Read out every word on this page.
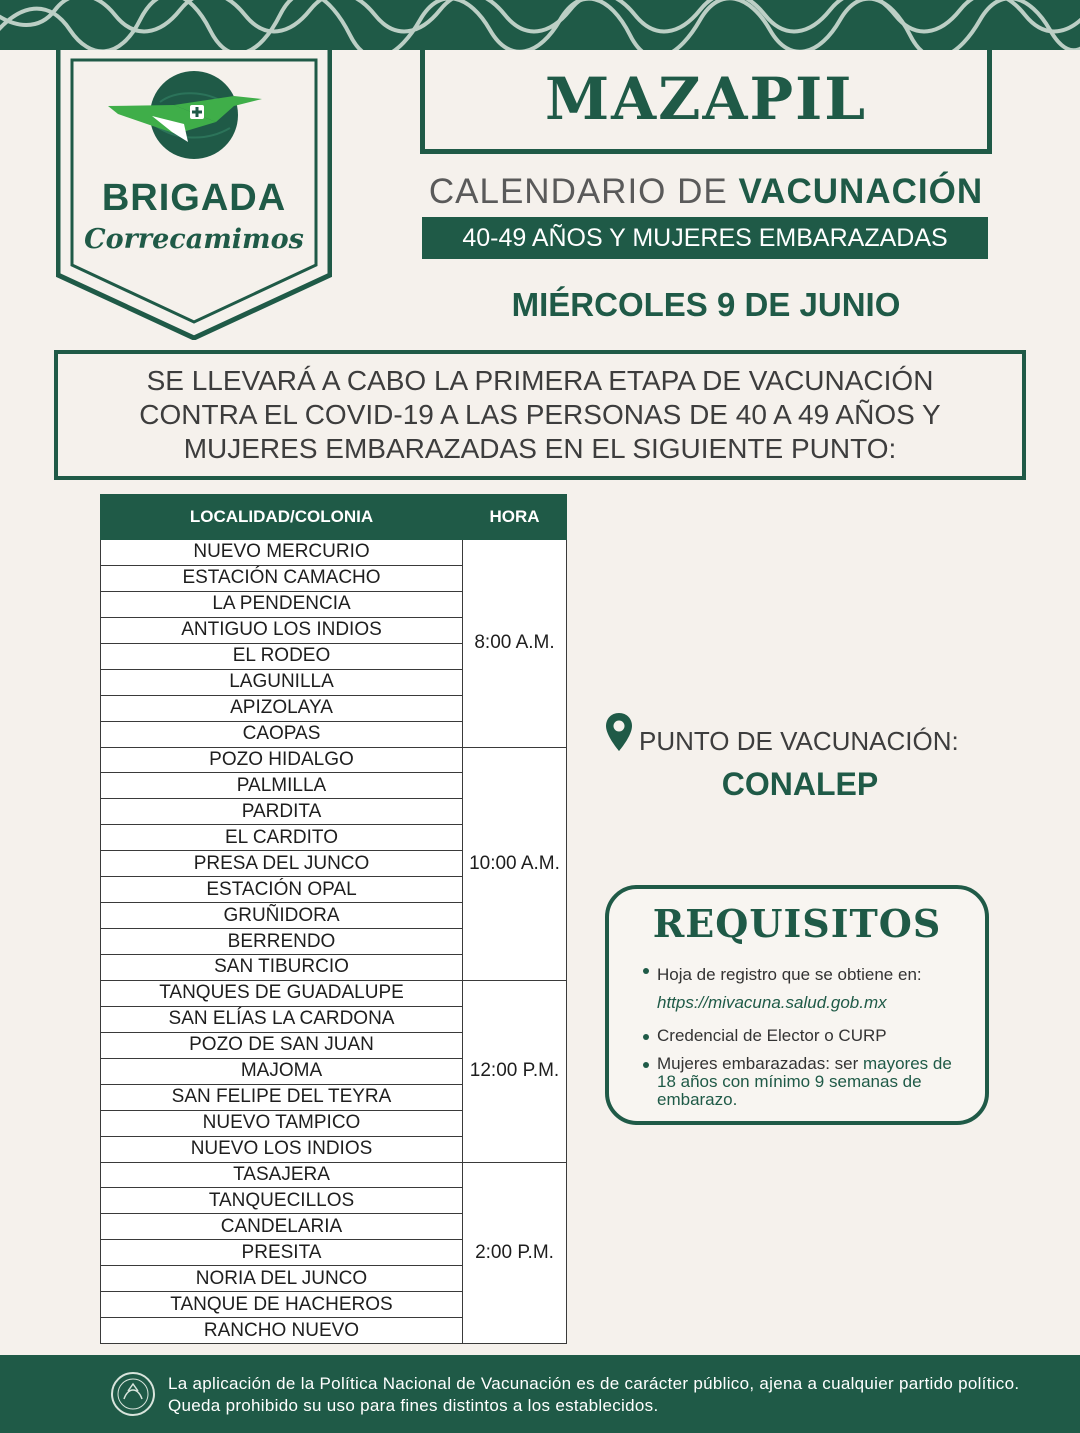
BRIGADA
Correcamimos
MAZAPIL
CALENDARIO DE VACUNACIÓN
40-49 AÑOS Y MUJERES EMBARAZADAS
MIÉRCOLES 9 DE JUNIO

SE LLEVARÁ A CABO LA PRIMERA ETAPA DE VACUNACIÓN CONTRA EL COVID-19 A LAS PERSONAS DE 40 A 49 AÑOS Y MUJERES EMBARAZADAS EN EL SIGUIENTE PUNTO:

LOCALIDAD/COLONIA	HORA
NUEVO MERCURIO	8:00 A.M.
ESTACIÓN CAMACHO	
LA PENDENCIA	
ANTIGUO LOS INDIOS	
EL RODEO	
LAGUNILLA	
APIZOLAYA	
CAOPAS	
POZO HIDALGO	10:00 A.M.
PALMILLA	
PARDITA	
EL CARDITO	
PRESA DEL JUNCO	
ESTACIÓN OPAL	
GRUÑIDORA	
BERRENDO	
SAN TIBURCIO	
TANQUES DE GUADALUPE	12:00 P.M.
SAN ELÍAS LA CARDONA	
POZO DE SAN JUAN	
MAJOMA	
SAN FELIPE DEL TEYRA	
NUEVO TAMPICO	
NUEVO LOS INDIOS	
TASAJERA	2:00 P.M.
TANQUECILLOS	
CANDELARIA	
PRESITA	
NORIA DEL JUNCO	
TANQUE DE HACHEROS	
RANCHO NUEVO	
PUNTO DE VACUNACIÓN:
CONALEP
REQUISITOS
Hoja de registro que se obtiene en: https://mivacuna.salud.gob.mx
Credencial de Elector o CURP
Mujeres embarazadas: ser mayores de 18 años con mínimo 9 semanas de embarazo.
La aplicación de la Política Nacional de Vacunación es de carácter público, ajena a cualquier partido político. Queda prohibido su uso para fines distintos a los establecidos.
